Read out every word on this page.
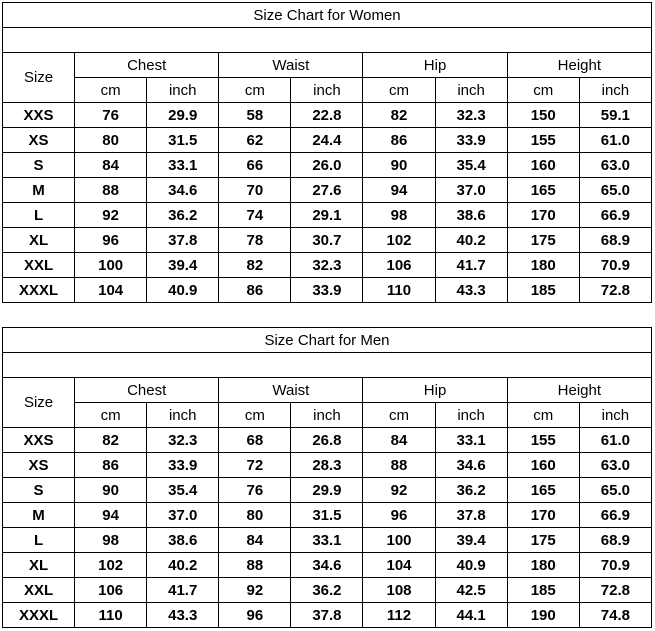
Size Chart for Women								

Size	Chest		Waist		Hip		Height	
	cm	inch	cm	inch	cm	inch	cm	inch
XXS	76	29.9	58	22.8	82	32.3	150	59.1
XS	80	31.5	62	24.4	86	33.9	155	61.0
S	84	33.1	66	26.0	90	35.4	160	63.0
M	88	34.6	70	27.6	94	37.0	165	65.0
L	92	36.2	74	29.1	98	38.6	170	66.9
XL	96	37.8	78	30.7	102	40.2	175	68.9
XXL	100	39.4	82	32.3	106	41.7	180	70.9
XXXL	104	40.9	86	33.9	110	43.3	185	72.8
Size Chart for Men								

Size	Chest		Waist		Hip		Height	
	cm	inch	cm	inch	cm	inch	cm	inch
XXS	82	32.3	68	26.8	84	33.1	155	61.0
XS	86	33.9	72	28.3	88	34.6	160	63.0
S	90	35.4	76	29.9	92	36.2	165	65.0
M	94	37.0	80	31.5	96	37.8	170	66.9
L	98	38.6	84	33.1	100	39.4	175	68.9
XL	102	40.2	88	34.6	104	40.9	180	70.9
XXL	106	41.7	92	36.2	108	42.5	185	72.8
XXXL	110	43.3	96	37.8	112	44.1	190	74.8
